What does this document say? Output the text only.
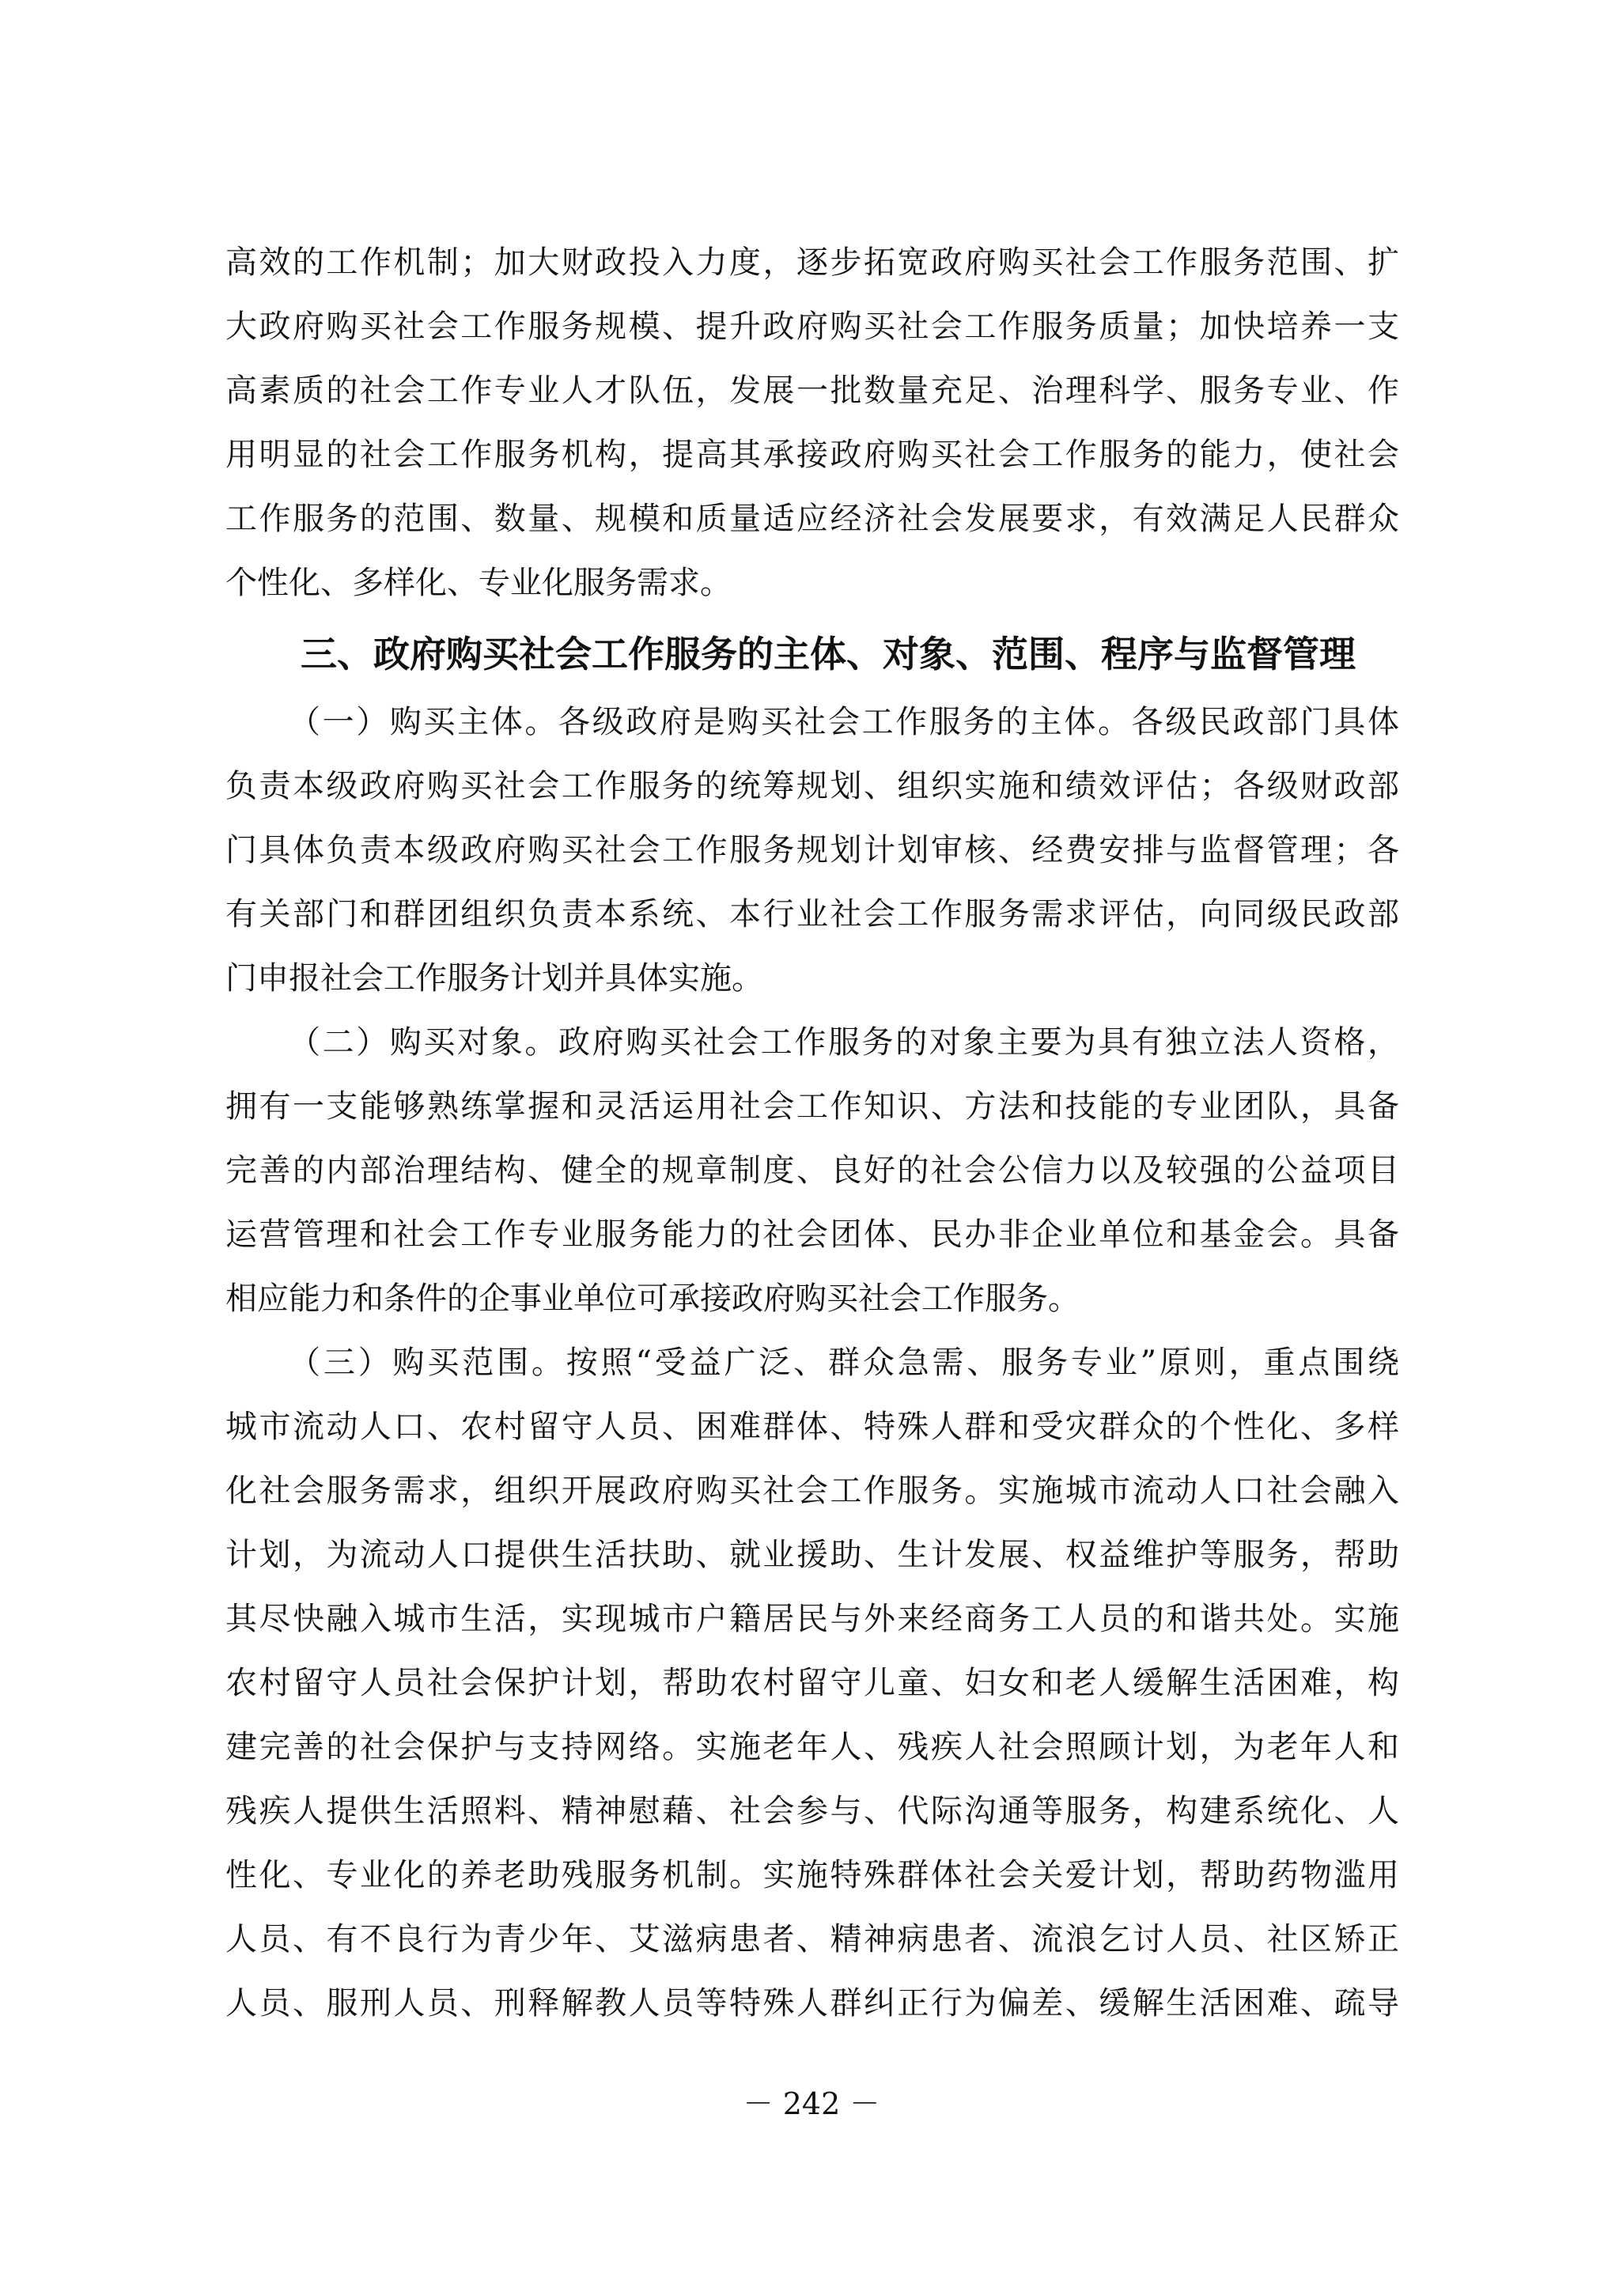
高效的工作机制；加大财政投入力度，逐步拓宽政府购买社会工作服务范围、扩
大政府购买社会工作服务规模、提升政府购买社会工作服务质量；加快培养一支
高素质的社会工作专业人才队伍，发展一批数量充足、治理科学、服务专业、作
用明显的社会工作服务机构，提高其承接政府购买社会工作服务的能力，使社会
工作服务的范围、数量、规模和质量适应经济社会发展要求，有效满足人民群众
个性化、多样化、专业化服务需求。
三、政府购买社会工作服务的主体、对象、范围、程序与监督管理
（一）购买主体。各级政府是购买社会工作服务的主体。各级民政部门具体
负责本级政府购买社会工作服务的统筹规划、组织实施和绩效评估；各级财政部
门具体负责本级政府购买社会工作服务规划计划审核、经费安排与监督管理；各
有关部门和群团组织负责本系统、本行业社会工作服务需求评估，向同级民政部
门申报社会工作服务计划并具体实施。
（二）购买对象。政府购买社会工作服务的对象主要为具有独立法人资格，
拥有一支能够熟练掌握和灵活运用社会工作知识、方法和技能的专业团队，具备
完善的内部治理结构、健全的规章制度、良好的社会公信力以及较强的公益项目
运营管理和社会工作专业服务能力的社会团体、民办非企业单位和基金会。具备
相应能力和条件的企事业单位可承接政府购买社会工作服务。
（三）购买范围。按照“受益广泛、群众急需、服务专业”原则，重点围绕
城市流动人口、农村留守人员、困难群体、特殊人群和受灾群众的个性化、多样
化社会服务需求，组织开展政府购买社会工作服务。实施城市流动人口社会融入
计划，为流动人口提供生活扶助、就业援助、生计发展、权益维护等服务，帮助
其尽快融入城市生活，实现城市户籍居民与外来经商务工人员的和谐共处。实施
农村留守人员社会保护计划，帮助农村留守儿童、妇女和老人缓解生活困难，构
建完善的社会保护与支持网络。实施老年人、残疾人社会照顾计划，为老年人和
残疾人提供生活照料、精神慰藉、社会参与、代际沟通等服务，构建系统化、人
性化、专业化的养老助残服务机制。实施特殊群体社会关爱计划，帮助药物滥用
人员、有不良行为青少年、艾滋病患者、精神病患者、流浪乞讨人员、社区矫正
人员、服刑人员、刑释解教人员等特殊人群纠正行为偏差、缓解生活困难、疏导
－ 242 －
